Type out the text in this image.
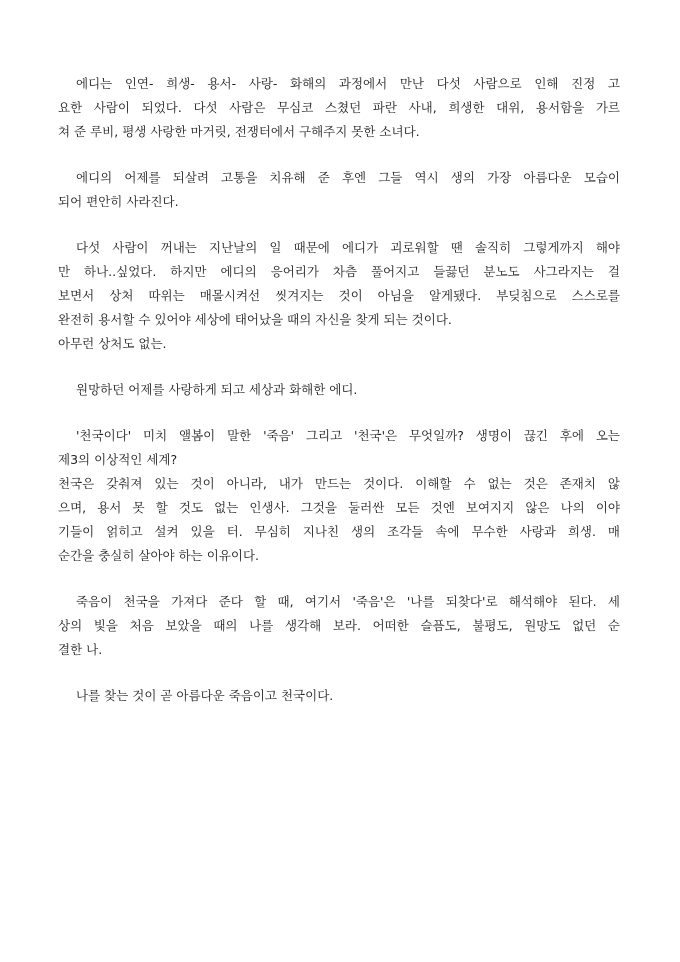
에디는 인연- 희생- 용서- 사랑- 화해의 과정에서 만난 다섯 사람으로 인해 진정 고
요한 사람이 되었다. 다섯 사람은 무심코 스쳤던 파란 사내, 희생한 대위, 용서함을 가르
쳐 준 루비, 평생 사랑한 마거릿, 전쟁터에서 구해주지 못한 소녀다.

에디의 어제를 되살려 고통을 치유해 준 후엔 그들 역시 생의 가장 아름다운 모습이
되어 편안히 사라진다.

다섯 사람이 꺼내는 지난날의 일 때문에 에디가 괴로워할 땐 솔직히 그렇게까지 해야
만 하나..싶었다. 하지만 에디의 응어리가 차츰 풀어지고 들끓던 분노도 사그라지는 걸
보면서 상처 따위는 매몰시켜선 씻겨지는 것이 아님을 알게됐다. 부딪침으로 스스로를
완전히 용서할 수 있어야 세상에 태어났을 때의 자신을 찾게 되는 것이다.
아무런 상처도 없는.

원망하던 어제를 사랑하게 되고 세상과 화해한 에디.

'천국이다' 미치 앨봄이 말한 '죽음' 그리고 '천국'은 무엇일까? 생명이 끊긴 후에 오는
제3의 이상적인 세계?
천국은 갖춰져 있는 것이 아니라, 내가 만드는 것이다. 이해할 수 없는 것은 존재치 않
으며, 용서 못 할 것도 없는 인생사. 그것을 둘러싼 모든 것엔 보여지지 않은 나의 이야
기들이 얽히고 설켜 있을 터. 무심히 지나친 생의 조각들 속에 무수한 사랑과 희생. 매
순간을 충실히 살아야 하는 이유이다.

죽음이 천국을 가져다 준다 할 때, 여기서 '죽음'은 '나를 되찾다'로 해석해야 된다. 세
상의 빛을 처음 보았을 때의 나를 생각해 보라. 어떠한 슬픔도, 불평도, 원망도 없던 순
결한 나.

나를 찾는 것이 곧 아름다운 죽음이고 천국이다.
